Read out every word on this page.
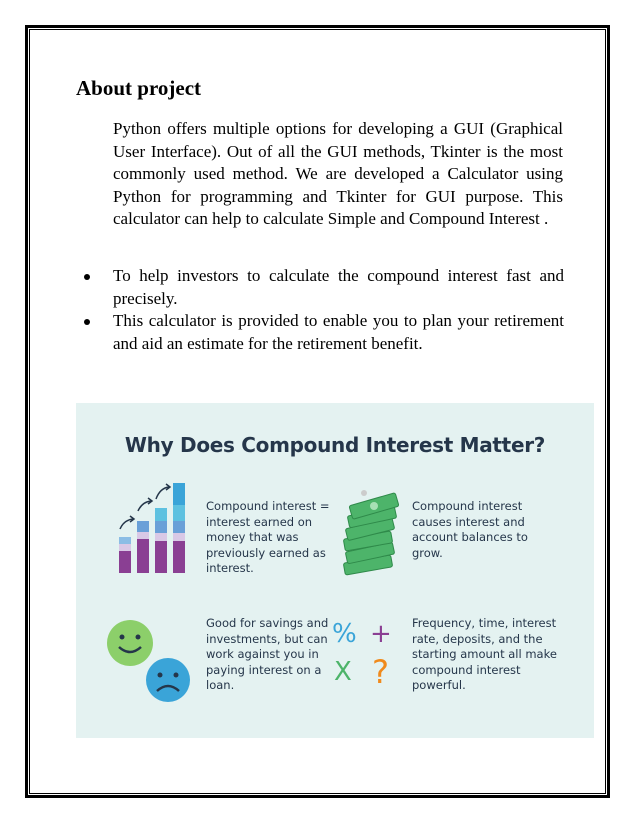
About project

Python offers multiple options for developing a GUI (Graphical User Interface). Out of all the GUI methods, Tkinter is the most commonly used method. We are developed a Calculator using Python for programming and Tkinter for GUI purpose. This calculator can help to calculate Simple and Compound Interest .

To help investors to calculate the compound interest fast and precisely.
This calculator is provided to enable you to plan your retirement and aid an estimate for the retirement benefit.
Why Does Compound Interest Matter?
Compound interest = interest earned on money that was previously earned as interest.
Compound interest causes interest and account balances to grow.
Good for savings and investments, but can work against you in paying interest on a loan.
% +
X ?
Frequency, time, interest rate, deposits, and the starting amount all make compound interest powerful.
